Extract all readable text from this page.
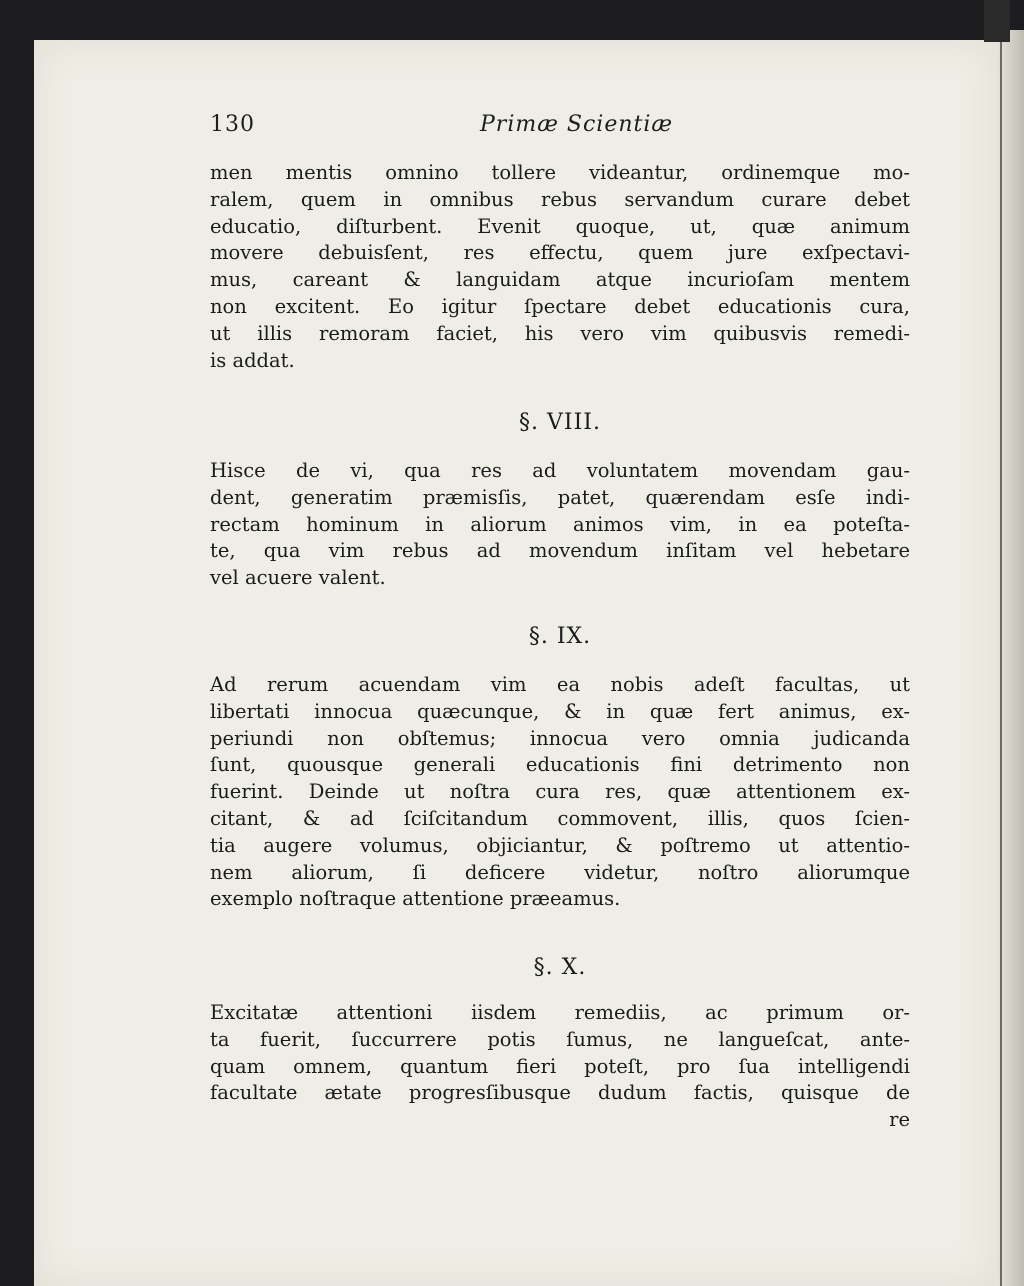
130	Primæ Scientiæ
men mentis omnino tollere videantur, ordinemque mo-
ralem, quem in omnibus rebus servandum curare debet
educatio, diſturbent. Evenit quoque, ut, quæ animum
movere debuisſent, res effectu, quem jure exſpectavi-
mus, careant & languidam atque incurioſam mentem
non excitent. Eo igitur ſpectare debet educationis cura,
ut illis remoram faciet, his vero vim quibusvis remedi-
is addat.
§. VIII.
Hisce de vi, qua res ad voluntatem movendam gau-
dent, generatim præmisſis, patet, quærendam esſe indi-
rectam hominum in aliorum animos vim, in ea poteſta-
te, qua vim rebus ad movendum inſitam vel hebetare
vel acuere valent.
§. IX.
Ad rerum acuendam vim ea nobis adeſt facultas, ut
libertati innocua quæcunque, & in quæ fert animus, ex-
periundi non obſtemus; innocua vero omnia judicanda
ſunt, quousque generali educationis fini detrimento non
fuerint. Deinde ut noſtra cura res, quæ attentionem ex-
citant, & ad ſciſcitandum commovent, illis, quos ſcien-
tia augere volumus, objiciantur, & poſtremo ut attentio-
nem aliorum, ſi deficere videtur, noſtro aliorumque
exemplo noſtraque attentione præeamus.
§. X.
Excitatæ attentioni iisdem remediis, ac primum or-
ta fuerit, ſuccurrere potis ſumus, ne langueſcat, ante-
quam omnem, quantum fieri poteſt, pro ſua intelligendi
facultate ætate progresſibusque dudum factis, quisque de
re
